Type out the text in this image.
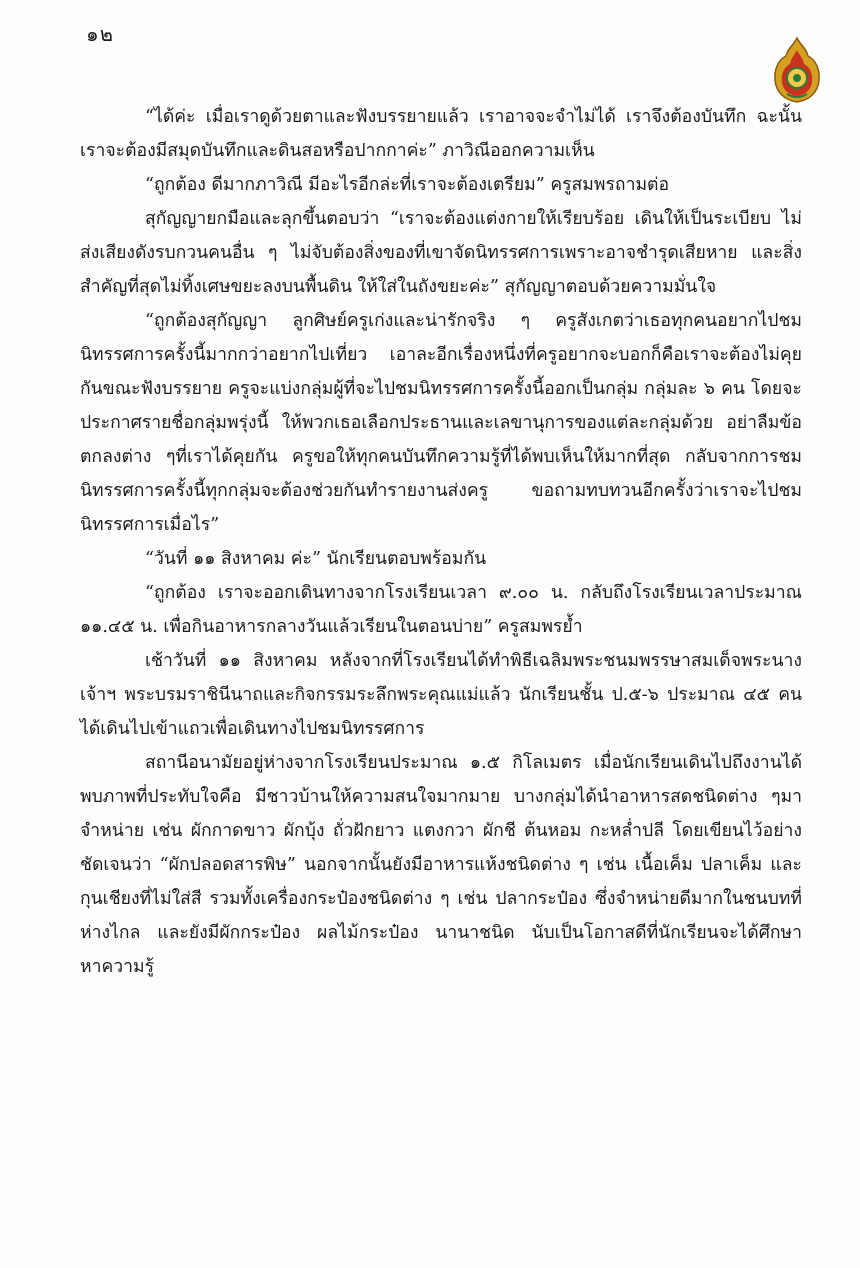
๑๒

“ได้ค่ะ เมื่อเราดูด้วยตาและฟังบรรยายแล้ว เราอาจจะจำไม่ได้ เราจึงต้องบันทึก ฉะนั้นเราจะต้องมีสมุดบันทึกและดินสอหรือปากกาค่ะ” ภาวิณีออกความเห็น

“ถูกต้อง ดีมากภาวิณี มีอะไรอีกล่ะที่เราจะต้องเตรียม” ครูสมพรถามต่อ

สุกัญญายกมือและลุกขึ้นตอบว่า “เราจะต้องแต่งกายให้เรียบร้อย เดินให้เป็นระเบียบ ไม่ส่งเสียงดังรบกวนคนอื่น ๆ ไม่จับต้องสิ่งของที่เขาจัดนิทรรศการเพราะอาจชำรุดเสียหาย และสิ่งสำคัญที่สุดไม่ทิ้งเศษขยะลงบนพื้นดิน ให้ใส่ในถังขยะค่ะ” สุกัญญาตอบด้วยความมั่นใจ

“ถูกต้องสุกัญญา ลูกศิษย์ครูเก่งและน่ารักจริง ๆ ครูสังเกตว่าเธอทุกคนอยากไปชมนิทรรศการครั้งนี้มากกว่าอยากไปเที่ยว เอาละอีกเรื่องหนึ่งที่ครูอยากจะบอกก็คือเราจะต้องไม่คุยกันขณะฟังบรรยาย ครูจะแบ่งกลุ่มผู้ที่จะไปชมนิทรรศการครั้งนี้ออกเป็นกลุ่ม กลุ่มละ ๖ คน โดยจะประกาศรายชื่อกลุ่มพรุ่งนี้ ให้พวกเธอเลือกประธานและเลขานุการของแต่ละกลุ่มด้วย อย่าลืมข้อตกลงต่าง ๆที่เราได้คุยกัน ครูขอให้ทุกคนบันทึกความรู้ที่ได้พบเห็นให้มากที่สุด กลับจากการชมนิทรรศการครั้งนี้ทุกกลุ่มจะต้องช่วยกันทำรายงานส่งครู ขอถามทบทวนอีกครั้งว่าเราจะไปชมนิทรรศการเมื่อไร”

“วันที่ ๑๑ สิงหาคม ค่ะ” นักเรียนตอบพร้อมกัน

“ถูกต้อง เราจะออกเดินทางจากโรงเรียนเวลา ๙.๐๐ น. กลับถึงโรงเรียนเวลาประมาณ ๑๑.๔๕ น. เพื่อกินอาหารกลางวันแล้วเรียนในตอนบ่าย” ครูสมพรย้ำ

เช้าวันที่ ๑๑ สิงหาคม หลังจากที่โรงเรียนได้ทำพิธีเฉลิมพระชนมพรรษาสมเด็จพระนางเจ้าฯ พระบรมราชินีนาถและกิจกรรมระลึกพระคุณแม่แล้ว นักเรียนชั้น ป.๕-๖ ประมาณ ๔๕ คน ได้เดินไปเข้าแถวเพื่อเดินทางไปชมนิทรรศการ

สถานีอนามัยอยู่ห่างจากโรงเรียนประมาณ ๑.๕ กิโลเมตร เมื่อนักเรียนเดินไปถึงงานได้พบภาพที่ประทับใจคือ มีชาวบ้านให้ความสนใจมากมาย บางกลุ่มได้นำอาหารสดชนิดต่าง ๆมาจำหน่าย เช่น ผักกาดขาว ผักบุ้ง ถั่วฝักยาว แตงกวา ผักชี ต้นหอม กะหล่ำปลี โดยเขียนไว้อย่างชัดเจนว่า “ผักปลอดสารพิษ” นอกจากนั้นยังมีอาหารแห้งชนิดต่าง ๆ เช่น เนื้อเค็ม ปลาเค็ม และกุนเชียงที่ไม่ใส่สี รวมทั้งเครื่องกระป๋องชนิดต่าง ๆ เช่น ปลากระป๋อง ซึ่งจำหน่ายดีมากในชนบทที่ห่างไกล และยังมีผักกระป๋อง ผลไม้กระป๋อง นานาชนิด นับเป็นโอกาสดีที่นักเรียนจะได้ศึกษาหาความรู้
